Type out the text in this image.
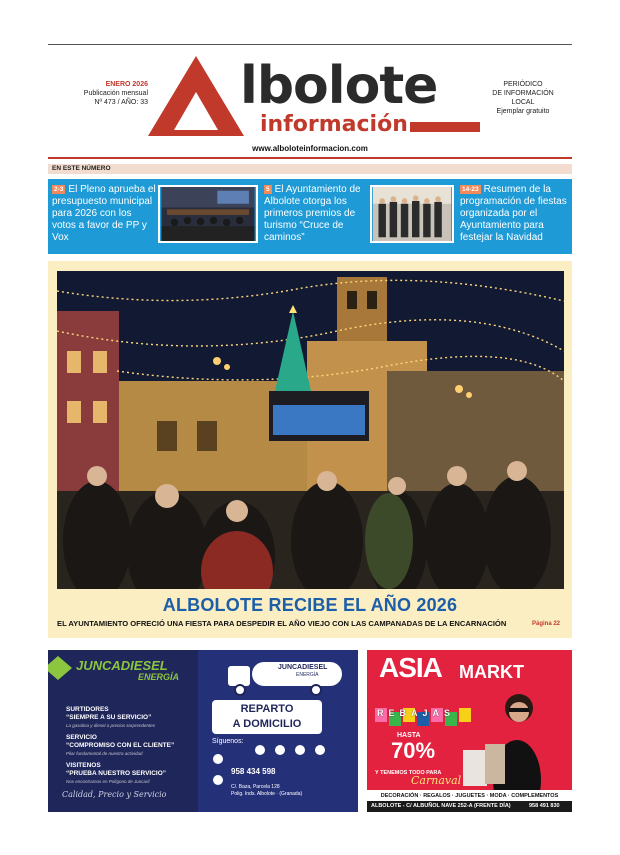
ENERO 2026
Publicación mensual
Nº 473 / AÑO: 33 lbolote
información
PERIÓDICO
DE INFORMACIÓN
LOCAL
Ejemplar gratuito
www.alboloteinformacion.com
EN ESTE NÚMERO
2-3 El Pleno aprueba el presupuesto municipal para 2026 con los votos a favor de PP y Vox
5 El Ayuntamiento de Albolote otorga los primeros premios de turismo “Cruce de caminos”
14-23 Resumen de la programación de fiestas organizada por el Ayuntamiento para festejar la Navidad
ALBOLOTE RECIBE EL AÑO 2026
EL AYUNTAMIENTO OFRECIÓ UNA FIESTA PARA DESPEDIR EL AÑO VIEJO CON LAS CAMPANADAS DE LA ENCARNACIÓN	Página 22
JUNCADIESEL
ENERGÍA
JUNCADIESEL
ENERGÍA
SURTIDORES
“SIEMPRE A SU SERVICIO”
La gasolina y diesel a precios sorprendentes
SERVICIO
“COMPROMISO CON EL CLIENTE”
Pilar fundamental de nuestra actividad
VISITENOS
“PRUEBA NUESTRO SERVICIO”
Nos encontramos en Polígono de Juncaril
Calidad, Precio y Servicio
REPARTO
A DOMICILIO
Síguenos:
958 434 598
C/. Baza, Parcela 128
Polig. Inds. Albolote · (Granada)
ASIA MARKT
REBAJAS
HASTA
70%
Y TENEMOS TODO PARA
Carnaval
DECORACIÓN · REGALOS · JUGUETES · MODA · COMPLEMENTOS
ALBOLOTE - C/ ALBUÑOL NAVE 252-A (FRENTE DÍA)	958 491 830
